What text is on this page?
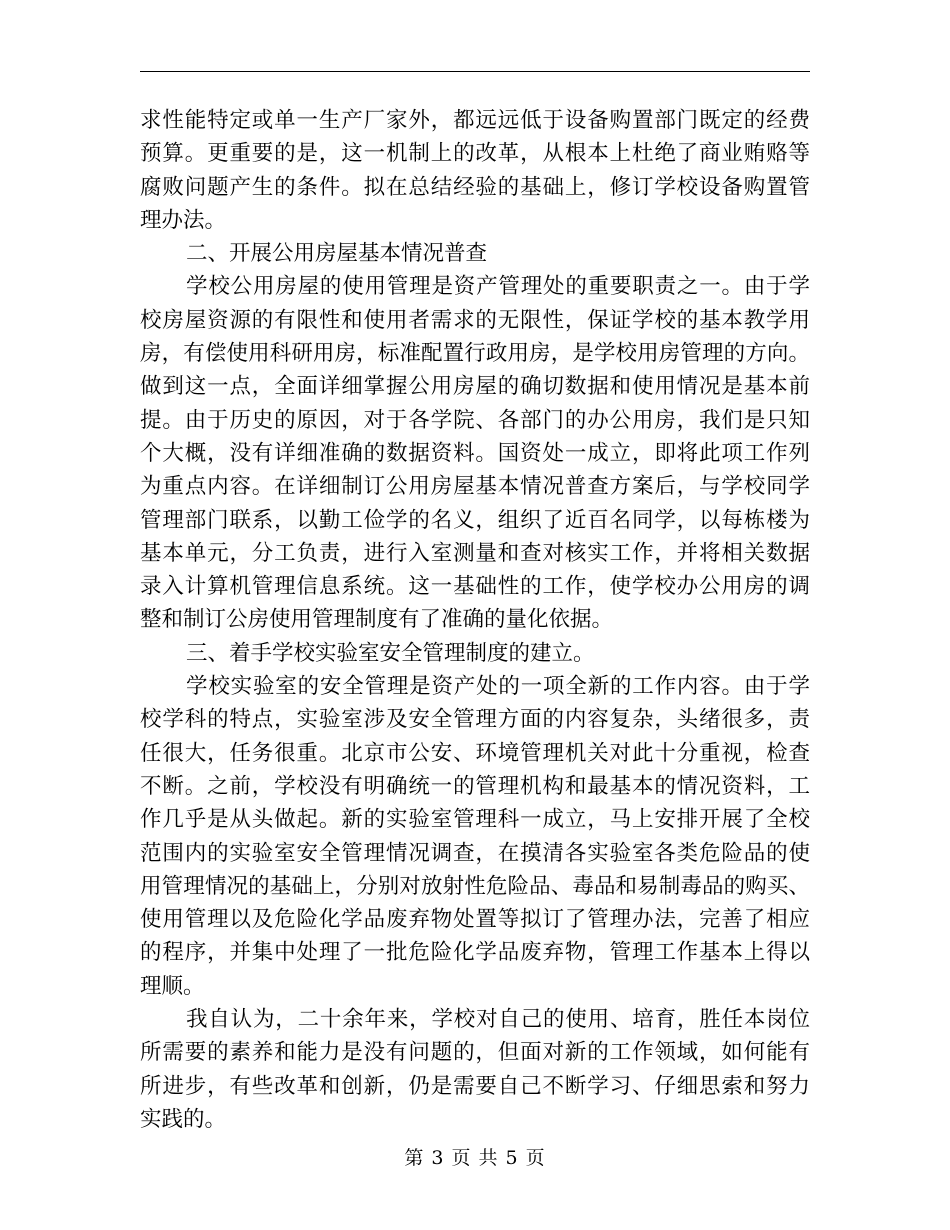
求性能特定或单一生产厂家外，都远远低于设备购置部门既定的经费
预算。更重要的是，这一机制上的改革，从根本上杜绝了商业贿赂等
腐败问题产生的条件。拟在总结经验的基础上，修订学校设备购置管
理办法。
二、开展公用房屋基本情况普查
学校公用房屋的使用管理是资产管理处的重要职责之一。由于学
校房屋资源的有限性和使用者需求的无限性，保证学校的基本教学用
房，有偿使用科研用房，标准配置行政用房，是学校用房管理的方向。
做到这一点，全面详细掌握公用房屋的确切数据和使用情况是基本前
提。由于历史的原因，对于各学院、各部门的办公用房，我们是只知
个大概，没有详细准确的数据资料。国资处一成立，即将此项工作列
为重点内容。在详细制订公用房屋基本情况普查方案后，与学校同学
管理部门联系，以勤工俭学的名义，组织了近百名同学，以每栋楼为
基本单元，分工负责，进行入室测量和查对核实工作，并将相关数据
录入计算机管理信息系统。这一基础性的工作，使学校办公用房的调
整和制订公房使用管理制度有了准确的量化依据。
三、着手学校实验室安全管理制度的建立。
学校实验室的安全管理是资产处的一项全新的工作内容。由于学
校学科的特点，实验室涉及安全管理方面的内容复杂，头绪很多，责
任很大，任务很重。北京市公安、环境管理机关对此十分重视，检查
不断。之前，学校没有明确统一的管理机构和最基本的情况资料，工
作几乎是从头做起。新的实验室管理科一成立，马上安排开展了全校
范围内的实验室安全管理情况调查，在摸清各实验室各类危险品的使
用管理情况的基础上，分别对放射性危险品、毒品和易制毒品的购买、
使用管理以及危险化学品废弃物处置等拟订了管理办法，完善了相应
的程序，并集中处理了一批危险化学品废弃物，管理工作基本上得以
理顺。
我自认为，二十余年来，学校对自己的使用、培育，胜任本岗位
所需要的素养和能力是没有问题的，但面对新的工作领域，如何能有
所进步，有些改革和创新，仍是需要自己不断学习、仔细思索和努力
实践的。
第 3 页 共 5 页
